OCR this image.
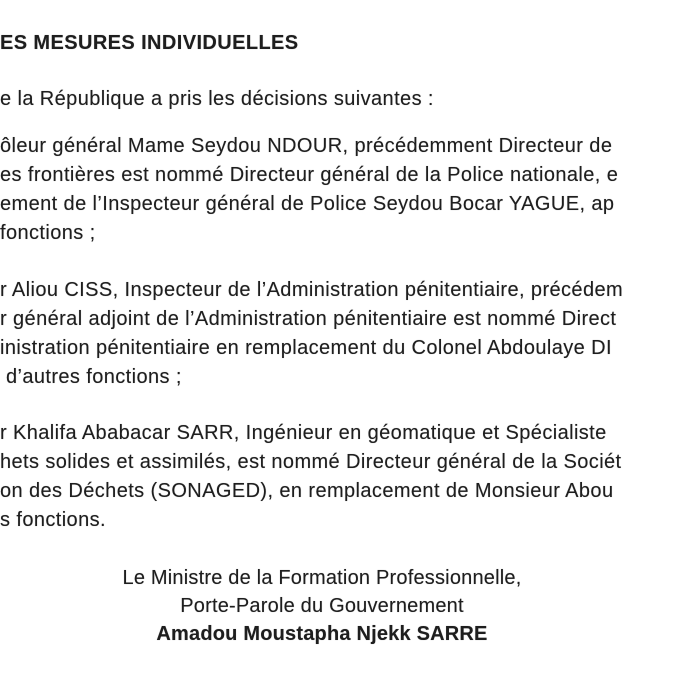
ES MESURES INDIVIDUELLES
e la République a pris les décisions suivantes :
ôleur général Mame Seydou NDOUR, précédemment Directeur de
es frontières est nommé Directeur général de la Police nationale, e
ement de l’Inspecteur général de Police Seydou Bocar YAGUE, ap
fonctions ;
r Aliou CISS, Inspecteur de l’Administration pénitentiaire, précédem
r général adjoint de l’Administration pénitentiaire est nommé Direct
inistration pénitentiaire en remplacement du Colonel Abdoulaye DI
d’autres fonctions ;
r Khalifa Ababacar SARR, Ingénieur en géomatique et Spécialiste
hets solides et assimilés, est nommé Directeur général de la Sociét
on des Déchets (SONAGED), en remplacement de Monsieur Abou
s fonctions.
Le Ministre de la Formation Professionnelle,
Porte-Parole du Gouvernement
Amadou Moustapha Njekk SARRE
